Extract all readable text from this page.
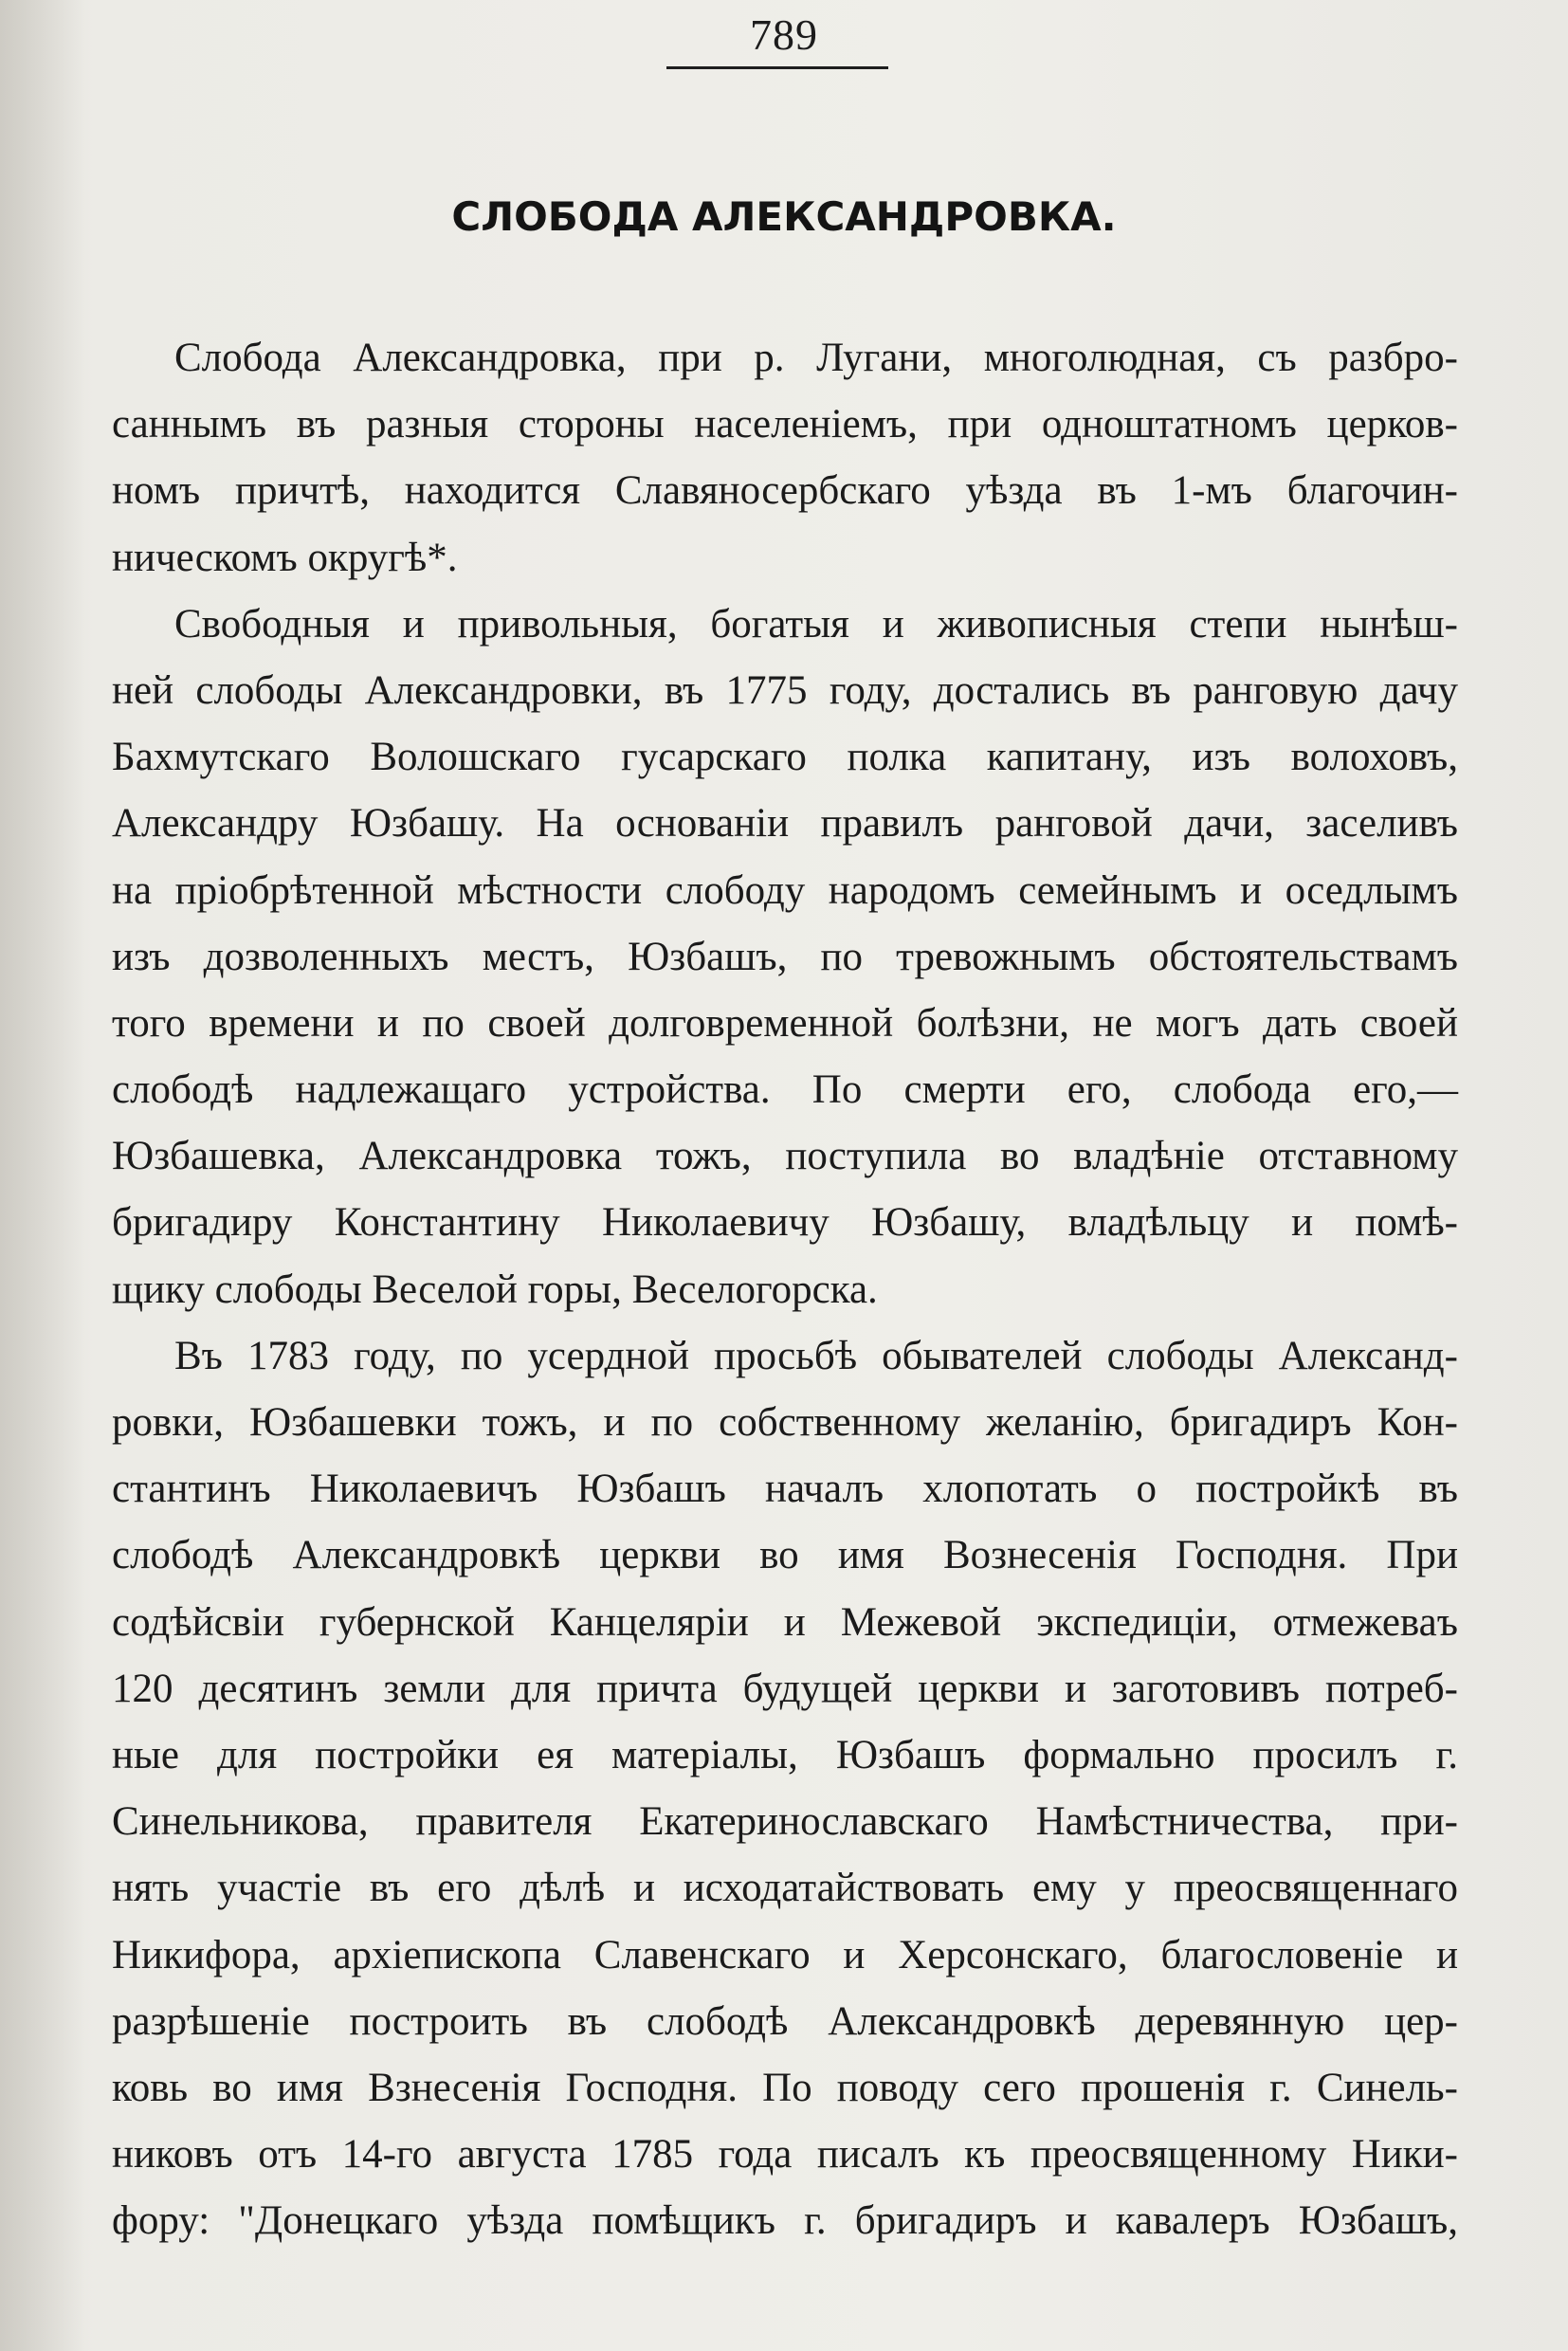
789
СЛОБОДА АЛЕКСАНДРОВКА.
Слобода Александровка, при р. Лугани, многолюдная, съ разбро-
саннымъ въ разныя стороны населеніемъ, при одноштатномъ церков-
номъ причтѣ, находится Славяносербскаго уѣзда въ 1-мъ благочин-
ническомъ округѣ*.
Свободныя и привольныя, богатыя и живописныя степи нынѣш-
ней слободы Александровки, въ 1775 году, достались въ ранговую дачу
Бахмутскаго Волошскаго гусарскаго полка капитану, изъ волоховъ,
Александру Юзбашу. На основаніи правилъ ранговой дачи, заселивъ
на пріобрѣтенной мѣстности слободу народомъ семейнымъ и оседлымъ
изъ дозволенныхъ местъ, Юзбашъ, по тревожнымъ обстоятельствамъ
того времени и по своей долговременной болѣзни, не могъ дать своей
слободѣ надлежащаго устройства. По смерти его, слобода его,—
Юзбашевка, Александровка тожъ, поступила во владѣніе отставному
бригадиру Константину Николаевичу Юзбашу, владѣльцу и помѣ-
щику слободы Веселой горы, Веселогорска.
Въ 1783 году, по усердной просьбѣ обывателей слободы Александ-
ровки, Юзбашевки тожъ, и по собственному желанію, бригадиръ Кон-
стантинъ Николаевичъ Юзбашъ началъ хлопотать о постройкѣ въ
слободѣ Александровкѣ церкви во имя Вознесенія Господня. При
содѣйсвіи губернской Канцеляріи и Межевой экспедиціи, отмежеваъ
120 десятинъ земли для причта будущей церкви и заготовивъ потреб-
ные для постройки ея матеріалы, Юзбашъ формально просилъ г.
Синельникова, правителя Екатеринославскаго Намѣстничества, при-
нять участіе въ его дѣлѣ и исходатайствовать ему у преосвященнаго
Никифора, архіепископа Славенскаго и Херсонскаго, благословеніе и
разрѣшеніе построить въ слободѣ Александровкѣ деревянную цер-
ковь во имя Взнесенія Господня. По поводу сего прошенія г. Синель-
никовъ отъ 14-го августа 1785 года писалъ къ преосвященному Ники-
фору: "Донецкаго уѣзда помѣщикъ г. бригадиръ и кавалеръ Юзбашъ,
